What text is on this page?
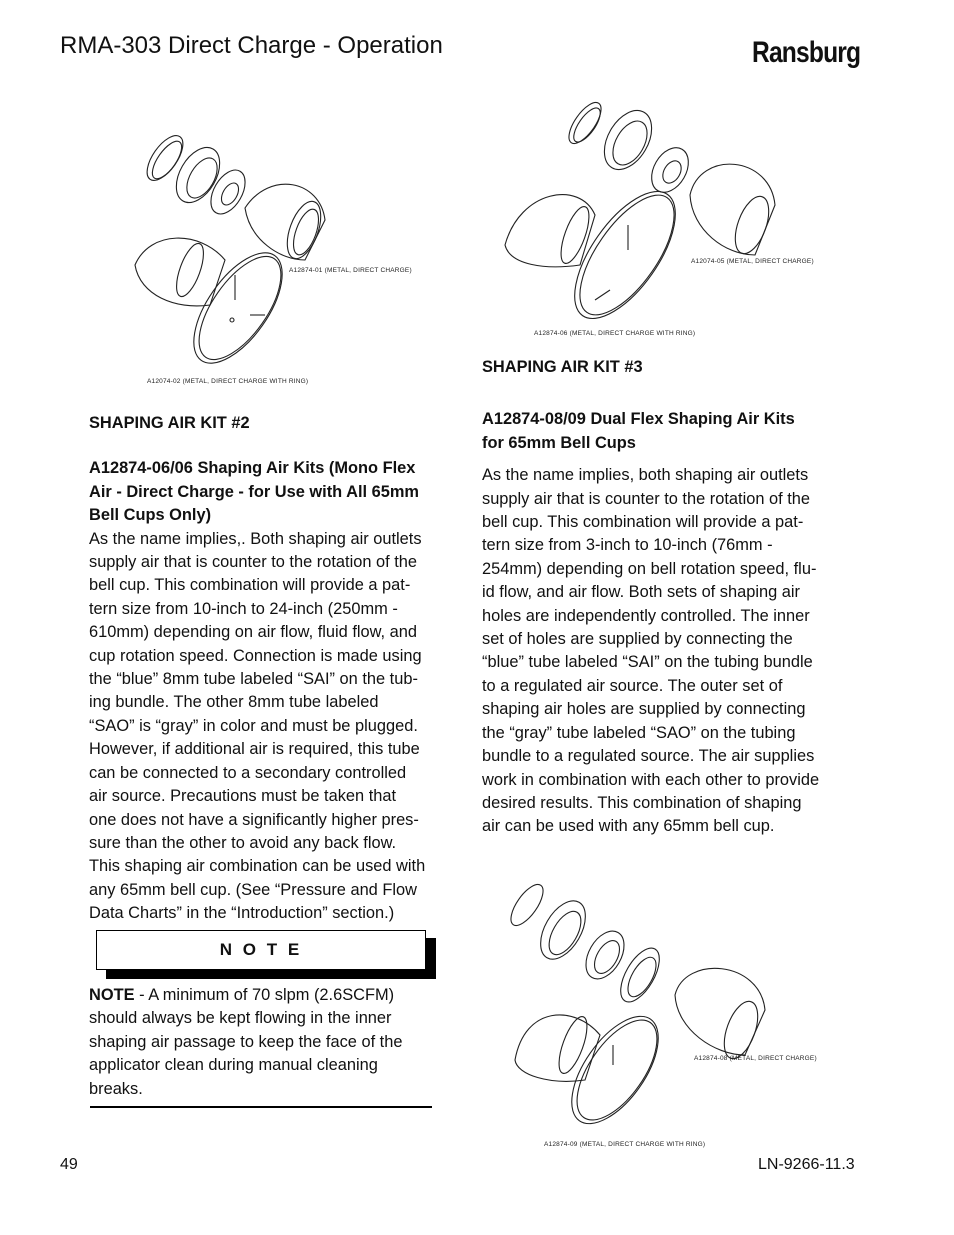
RMA-303 Direct Charge - Operation	Ransburg
A12874-01 (METAL, DIRECT CHARGE)
A12074-02 (METAL, DIRECT CHARGE WITH RING)
A12074-05 (METAL, DIRECT CHARGE)
A12874-06 (METAL, DIRECT CHARGE WITH RING)
A12874-08 (METAL, DIRECT CHARGE)
A12874-09 (METAL, DIRECT CHARGE WITH RING)

SHAPING AIR KIT #2

A12874-06/06 Shaping Air Kits (Mono Flex
Air - Direct Charge - for Use with All 65mm
Bell Cups Only)
As the name implies,. Both shaping air outlets
supply air that is counter to the rotation of the
bell cup. This combination will provide a pat-
tern size from 10-inch to 24-inch (250mm -
610mm) depending on air flow, fluid flow, and
cup rotation speed. Connection is made using
the “blue” 8mm tube labeled “SAI” on the tub-
ing bundle. The other 8mm tube labeled
“SAO” is “gray” in color and must be plugged.
However, if additional air is required, this tube
can be connected to a secondary controlled
air source. Precautions must be taken that
one does not have a significantly higher pres-
sure than the other to avoid any back flow.
This shaping air combination can be used with
any 65mm bell cup. (See “Pressure and Flow
Data Charts” in the “Introduction” section.)
N O T E
NOTE - A minimum of 70 slpm (2.6SCFM)
should always be kept flowing in the inner
shaping air passage to keep the face of the
applicator clean during manual cleaning
breaks.

SHAPING AIR KIT #3

A12874-08/09 Dual Flex Shaping Air Kits
for 65mm Bell Cups
As the name implies, both shaping air outlets
supply air that is counter to the rotation of the
bell cup. This combination will provide a pat-
tern size from 3-inch to 10-inch (76mm -
254mm) depending on bell rotation speed, flu-
id flow, and air flow. Both sets of shaping air
holes are independently controlled. The inner
set of holes are supplied by connecting the
“blue” tube labeled “SAI” on the tubing bundle
to a regulated air source. The outer set of
shaping air holes are supplied by connecting
the “gray” tube labeled “SAO” on the tubing
bundle to a regulated source. The air supplies
work in combination with each other to provide
desired results. This combination of shaping
air can be used with any 65mm bell cup.
49	LN-9266-11.3
